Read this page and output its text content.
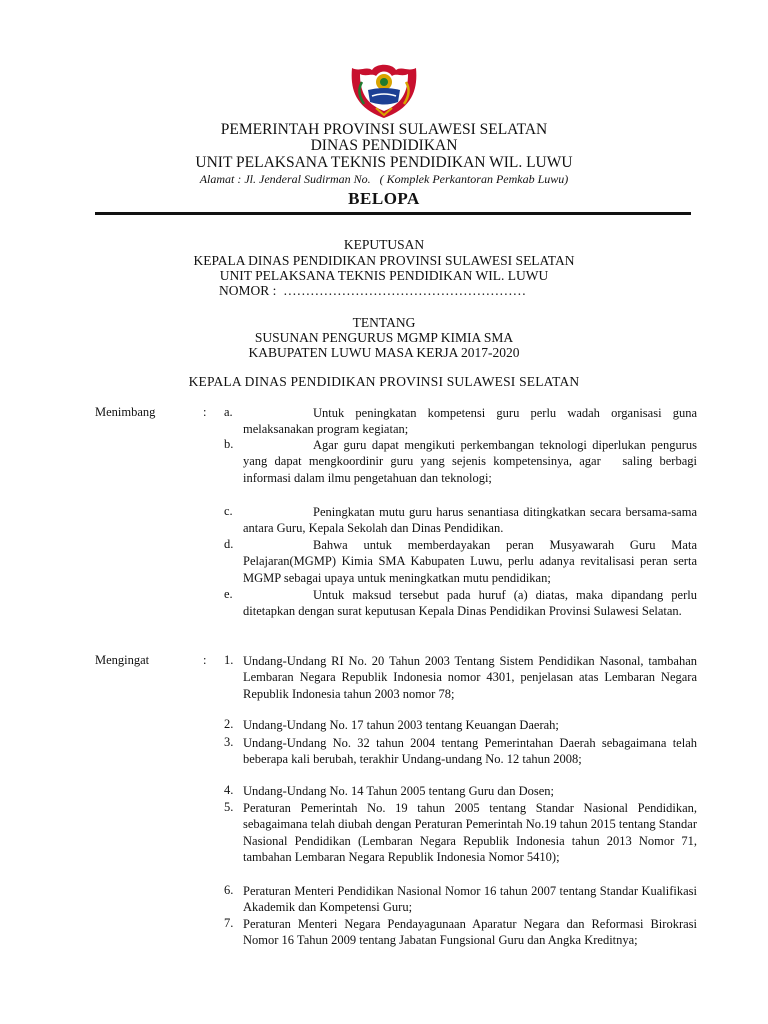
PEMERINTAH PROVINSI SULAWESI SELATAN
DINAS PENDIDIKAN
UNIT PELAKSANA TEKNIS PENDIDIKAN WIL. LUWU
Alamat : Jl. Jenderal Sudirman No.   ( Komplek Perkantoran Pemkab Luwu)
BELOPA
KEPUTUSAN
KEPALA DINAS PENDIDIKAN PROVINSI SULAWESI SELATAN
UNIT PELAKSANA TEKNIS PENDIDIKAN WIL. LUWU
NOMOR : ………………………………………………
TENTANG
SUSUNAN PENGURUS MGMP KIMIA SMA
KABUPATEN LUWU MASA KERJA 2017-2020
KEPALA DINAS PENDIDIKAN PROVINSI SULAWESI SELATAN
Menimbang	: a.	Untuk peningkatan kompetensi guru perlu wadah organisasi guna melaksanakan program kegiatan;
b.	Agar guru dapat mengikuti perkembangan teknologi diperlukan pengurus   yang dapat mengkoordinir guru yang sejenis kompetensinya, agar   saling berbagi informasi dalam ilmu pengetahuan dan teknologi;
c.	Peningkatan mutu guru harus senantiasa ditingkatkan secara bersama-sama antara Guru, Kepala Sekolah dan Dinas Pendidikan.
d.	Bahwa untuk memberdayakan peran Musyawarah Guru Mata Pelajaran(MGMP) Kimia SMA Kabupaten Luwu, perlu adanya revitalisasi peran serta MGMP sebagai upaya untuk meningkatkan mutu pendidikan;
e.	Untuk maksud tersebut pada huruf (a) diatas, maka dipandang perlu ditetapkan dengan surat keputusan Kepala Dinas Pendidikan Provinsi Sulawesi Selatan.
Mengingat	: 1. Undang-Undang RI No. 20 Tahun 2003 Tentang Sistem Pendidikan Nasonal, tambahan Lembaran Negara Republik Indonesia nomor 4301, penjelasan atas Lembaran Negara Republik Indonesia tahun 2003 nomor 78;
2. Undang-Undang No. 17 tahun 2003 tentang Keuangan Daerah;
3. Undang-Undang No. 32 tahun 2004 tentang Pemerintahan Daerah sebagaimana telah beberapa kali berubah, terakhir Undang-undang No. 12 tahun 2008;
4. Undang-Undang No. 14 Tahun 2005 tentang Guru dan Dosen;
5. Peraturan Pemerintah No. 19 tahun 2005 tentang Standar Nasional Pendidikan, sebagaimana telah diubah dengan Peraturan Pemerintah No.19 tahun 2015 tentang Standar Nasional Pendidikan (Lembaran Negara Republik Indonesia tahun 2013 Nomor 71, tambahan Lembaran Negara Republik Indonesia Nomor 5410);
6. Peraturan Menteri Pendidikan Nasional Nomor 16 tahun 2007 tentang Standar Kualifikasi Akademik dan Kompetensi Guru;
7. Peraturan Menteri Negara Pendayagunaan Aparatur Negara dan Reformasi Birokrasi Nomor 16 Tahun 2009 tentang Jabatan Fungsional Guru dan Angka Kreditnya;
